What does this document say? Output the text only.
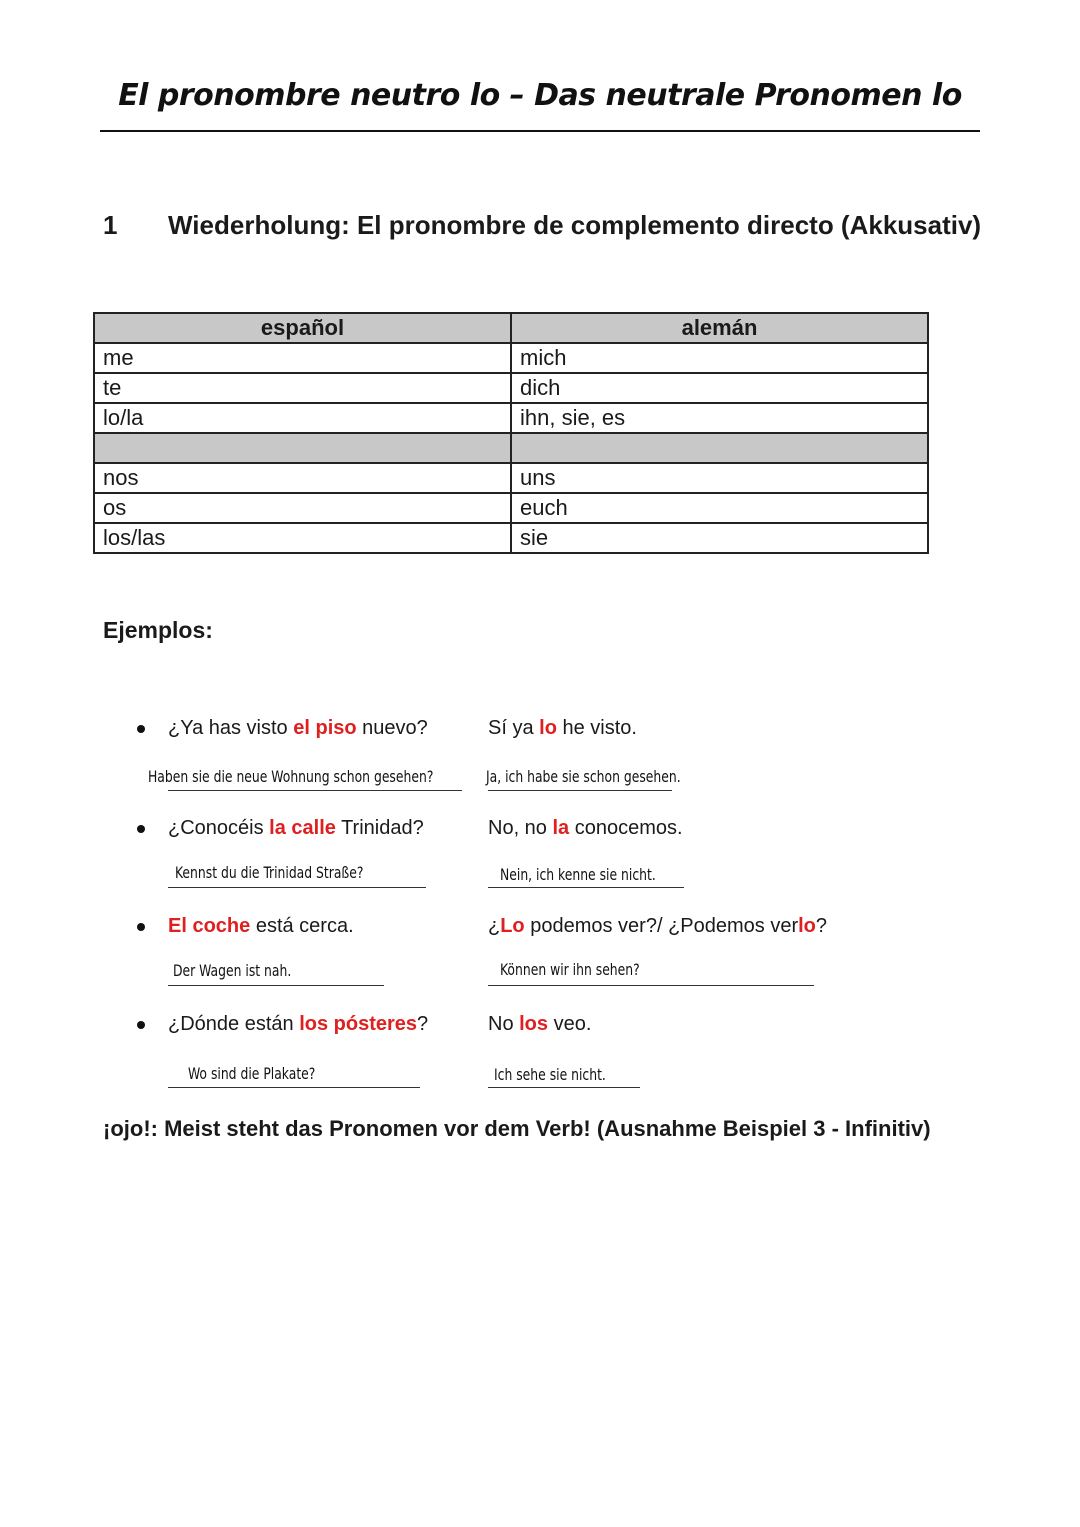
El pronombre neutro lo – Das neutrale Pronomen lo
1 Wiederholung: El pronombre de complemento directo (Akkusativ)
español	alemán
me	mich
te	dich
lo/la	ihn, sie, es

nos	uns
os	euch
los/las	sie
Ejemplos:
¿Ya has visto el piso nuevo?	Sí ya lo he visto.
Haben sie die neue Wohnung schon gesehen?	Ja, ich habe sie schon gesehen.
¿Conocéis la calle Trinidad?	No, no la conocemos.
Kennst du die Trinidad Straße?	Nein, ich kenne sie nicht.
El coche está cerca.	¿Lo podemos ver?/ ¿Podemos verlo?
Der Wagen ist nah.	Können wir ihn sehen?
¿Dónde están los pósteres?	No los veo.
Wo sind die Plakate?	Ich sehe sie nicht.
¡ojo!: Meist steht das Pronomen vor dem Verb! (Ausnahme Beispiel 3 - Infinitiv)
